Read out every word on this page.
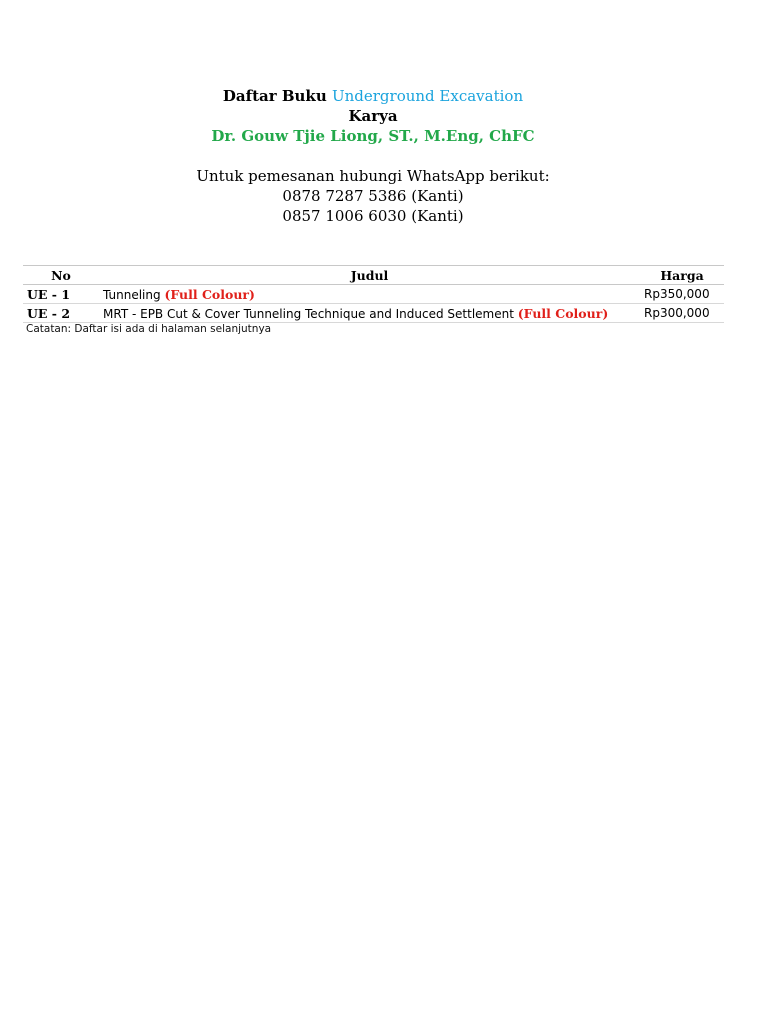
Daftar Buku Underground Excavation
Karya
Dr. Gouw Tjie Liong, ST., M.Eng, ChFC
Untuk pemesanan hubungi WhatsApp berikut:
0878 7287 5386 (Kanti)
0857 1006 6030 (Kanti)
No	Judul	Harga
UE - 1	Tunneling (Full Colour)	Rp350,000
UE - 2	MRT - EPB Cut & Cover Tunneling Technique and Induced Settlement (Full Colour)	Rp300,000
Catatan: Daftar isi ada di halaman selanjutnya
